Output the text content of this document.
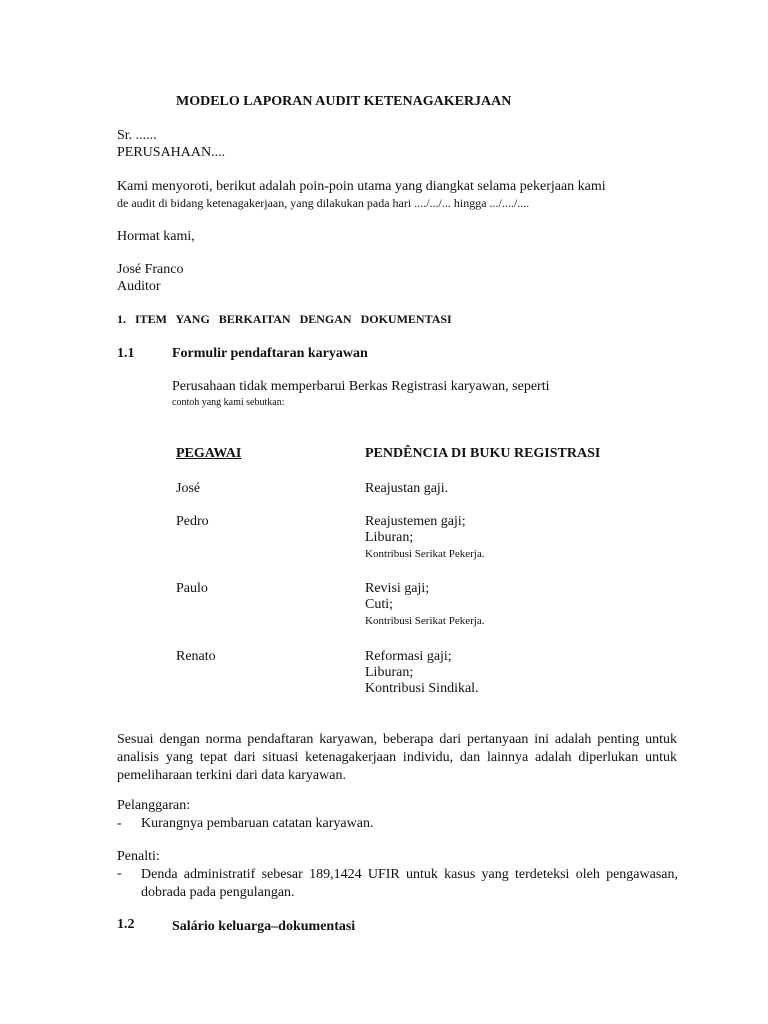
MODELO LAPORAN AUDIT KETENAGAKERJAAN
Sr. ......
PERUSAHAAN....
Kami menyoroti, berikut adalah poin-poin utama yang diangkat selama pekerjaan kami
de audit di bidang ketenagakerjaan, yang dilakukan pada hari ..../.../... hingga .../..../....
Hormat kami,
José Franco
Auditor
1.   ITEM   YANG   BERKAITAN   DENGAN   DOKUMENTASI
1.1	Formulir pendaftaran karyawan
Perusahaan tidak memperbarui Berkas Registrasi karyawan, seperti
contoh yang kami sebutkan:
PEGAWAI	PENDÊNCIA DI BUKU REGISTRASI
José	Reajustan gaji.
Pedro	Reajustemen gaji;
Liburan;
Kontribusi Serikat Pekerja.
Paulo	Revisi gaji;
Cuti;
Kontribusi Serikat Pekerja.
Renato	Reformasi gaji;
Liburan;
Kontribusi Sindikal.
Sesuai dengan norma pendaftaran karyawan, beberapa dari pertanyaan ini adalah penting untuk analisis yang tepat dari situasi ketenagakerjaan individu, dan lainnya adalah diperlukan untuk pemeliharaan terkini dari data karyawan.
Pelanggaran:
- Kurangnya pembaruan catatan karyawan.
Penalti:
- Denda administratif sebesar 189,1424 UFIR untuk kasus yang terdeteksi oleh pengawasan, dobrada pada pengulangan.
1.2	Salário keluarga–dokumentasi
